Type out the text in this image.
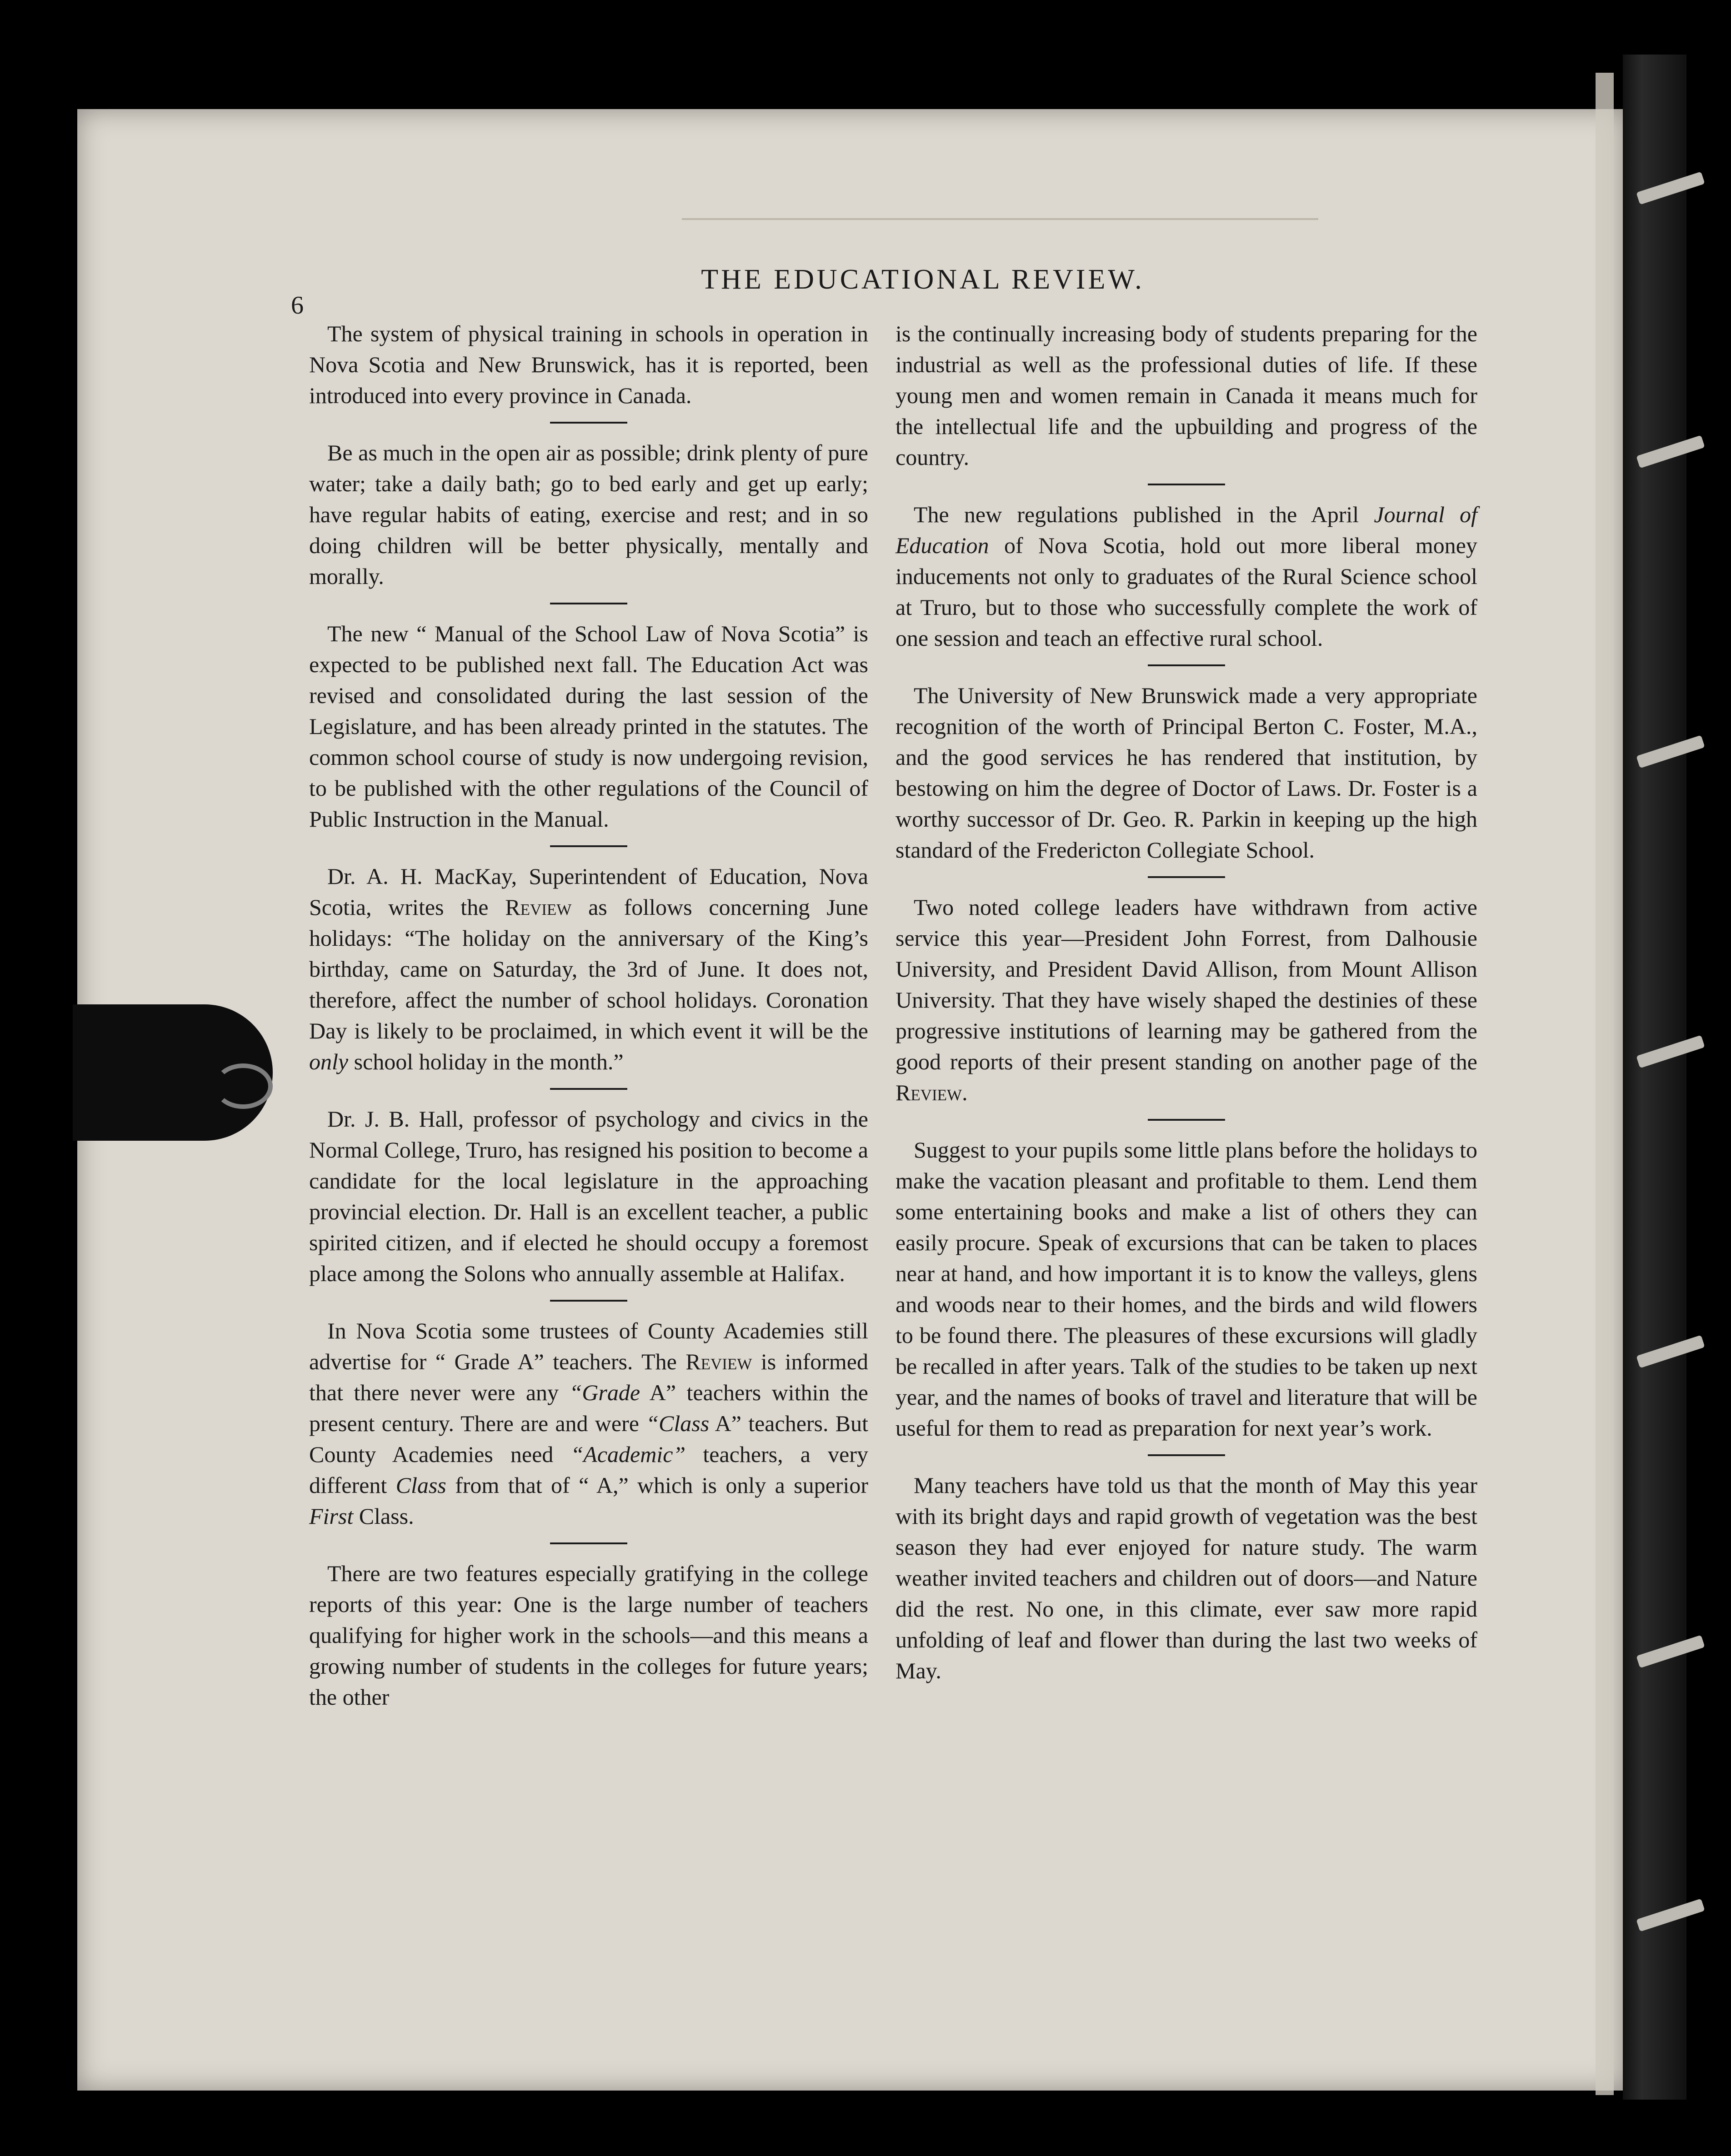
6
THE EDUCATIONAL REVIEW.

The system of physical training in schools in operation in Nova Scotia and New Brunswick, has it is reported, been introduced into every province in Canada.

Be as much in the open air as possible; drink plenty of pure water; take a daily bath; go to bed early and get up early; have regular habits of eating, exercise and rest; and in so doing children will be better physically, mentally and morally.

The new “ Manual of the School Law of Nova Scotia” is expected to be published next fall. The Education Act was revised and consolidated during the last session of the Legislature, and has been already printed in the statutes. The common school course of study is now undergoing revision, to be published with the other regulations of the Council of Public Instruction in the Manual.

Dr. A. H. MacKay, Superintendent of Education, Nova Scotia, writes the Review as follows concerning June holidays: “The holiday on the anniversary of the King’s birthday, came on Saturday, the 3rd of June. It does not, therefore, affect the number of school holidays. Coronation Day is likely to be proclaimed, in which event it will be the only school holiday in the month.”

Dr. J. B. Hall, professor of psychology and civics in the Normal College, Truro, has resigned his position to become a candidate for the local legislature in the approaching provincial election. Dr. Hall is an excellent teacher, a public spirited citizen, and if elected he should occupy a foremost place among the Solons who annually assemble at Halifax.

In Nova Scotia some trustees of County Academies still advertise for “ Grade A” teachers. The Review is informed that there never were any “Grade A” teachers within the present century. There are and were “Class A” teachers. But County Academies need “Academic” teachers, a very different Class from that of “ A,” which is only a superior First Class.

There are two features especially gratifying in the college reports of this year: One is the large number of teachers qualifying for higher work in the schools—and this means a growing number of students in the colleges for future years; the other

is the continually increasing body of students preparing for the industrial as well as the professional duties of life. If these young men and women remain in Canada it means much for the intellectual life and the upbuilding and progress of the country.

The new regulations published in the April Journal of Education of Nova Scotia, hold out more liberal money inducements not only to graduates of the Rural Science school at Truro, but to those who successfully complete the work of one session and teach an effective rural school.

The University of New Brunswick made a very appropriate recognition of the worth of Principal Berton C. Foster, M.A., and the good services he has rendered that institution, by bestowing on him the degree of Doctor of Laws. Dr. Foster is a worthy successor of Dr. Geo. R. Parkin in keeping up the high standard of the Fredericton Collegiate School.

Two noted college leaders have withdrawn from active service this year—President John Forrest, from Dalhousie University, and President David Allison, from Mount Allison University. That they have wisely shaped the destinies of these progressive institutions of learning may be gathered from the good reports of their present standing on another page of the Review.

Suggest to your pupils some little plans before the holidays to make the vacation pleasant and profitable to them. Lend them some entertaining books and make a list of others they can easily procure. Speak of excursions that can be taken to places near at hand, and how important it is to know the valleys, glens and woods near to their homes, and the birds and wild flowers to be found there. The pleasures of these excursions will gladly be recalled in after years. Talk of the studies to be taken up next year, and the names of books of travel and literature that will be useful for them to read as preparation for next year’s work.

Many teachers have told us that the month of May this year with its bright days and rapid growth of vegetation was the best season they had ever enjoyed for nature study. The warm weather invited teachers and children out of doors—and Nature did the rest. No one, in this climate, ever saw more rapid unfolding of leaf and flower than during the last two weeks of May.
